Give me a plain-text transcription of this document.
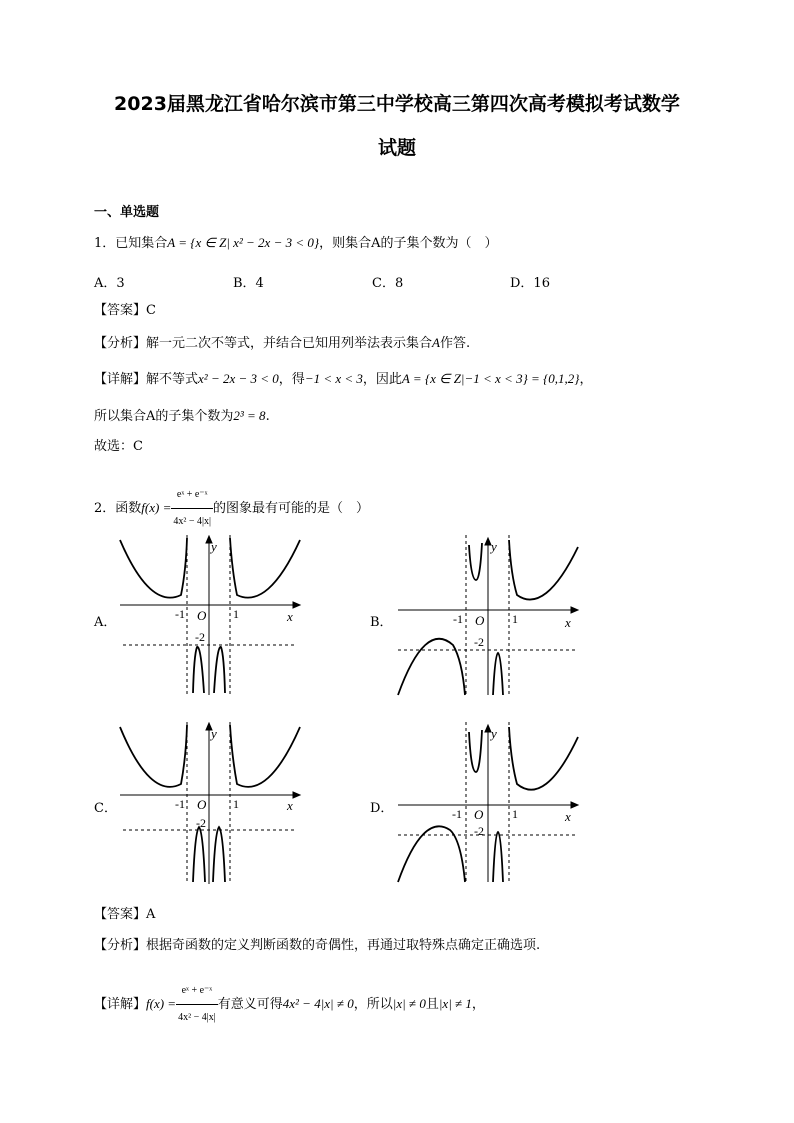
2023届黑龙江省哈尔滨市第三中学校高三第四次高考模拟考试数学
试题
一、单选题
1．已知集合A = {x ∈ Z| x² − 2x − 3 < 0}，则集合A的子集个数为（　）
A．3	B．4	C．8	D．16
【答案】C
【分析】解一元二次不等式，并结合已知用列举法表示集合A作答.
【详解】解不等式x² − 2x − 3 < 0，得−1 < x < 3，因此A = {x ∈ Z|−1 < x < 3} = {0,1,2}，
所以集合A的子集个数为2³ = 8.
故选：C
2．函数$f(x) = \frac{\text{eˣ + e⁻ˣ}}{\text{4x² − 4|x|}}$ 的图象最有可能的是（　）
A．	B．
C．	D．
y
x
O
-1	1
-2
y
x
O
-1	1
-2
y
x
O
-1	1
-2
y
x
O
-1	1
-2
【答案】A
【分析】根据奇函数的定义判断函数的奇偶性，再通过取特殊点确定正确选项.
【详解】$f(x) = \frac{\text{eˣ + e⁻ˣ}}{\text{4x² − 4|x|}}$ 有意义可得4x² − 4|x| ≠ 0，所以|x| ≠ 0且|x| ≠ 1，
